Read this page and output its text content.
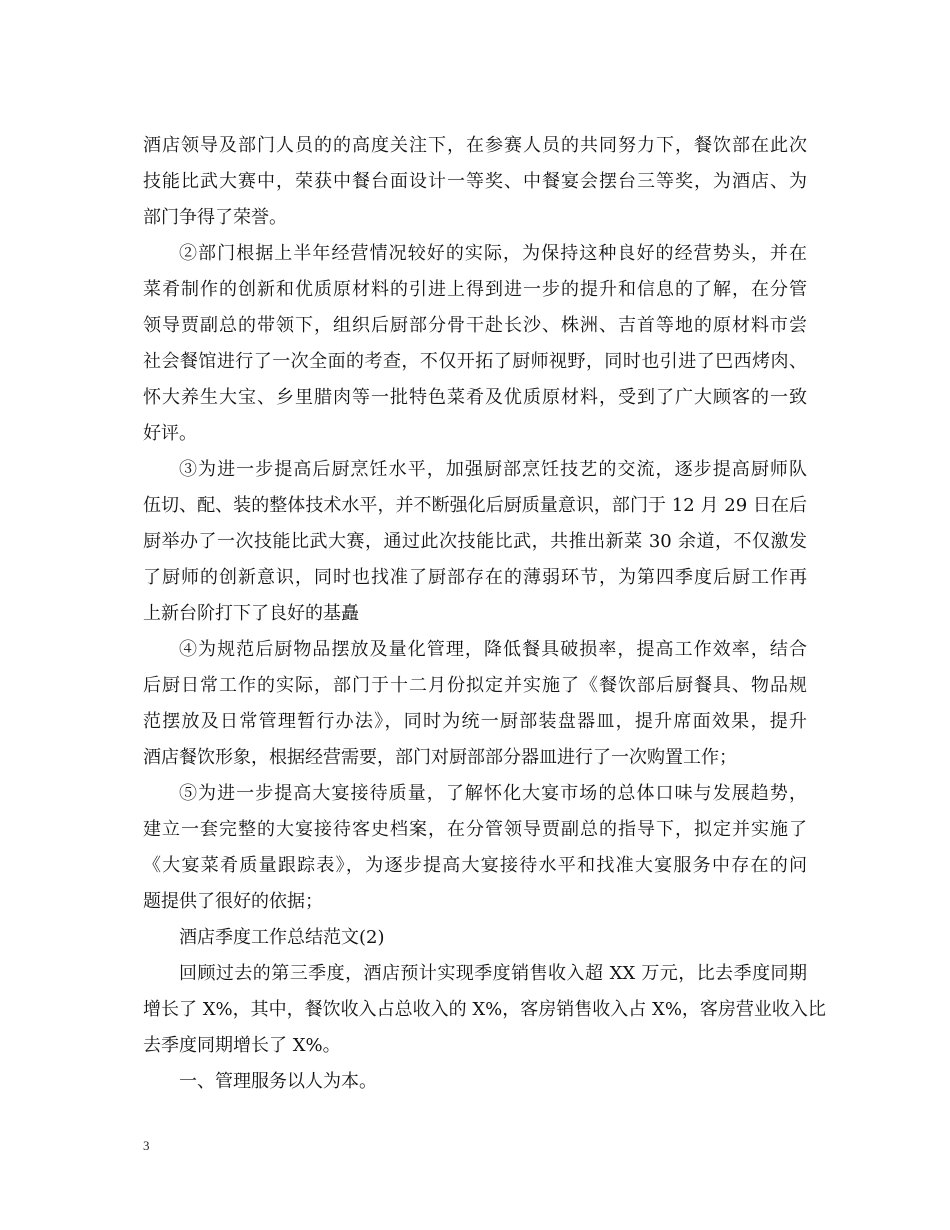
酒店领导及部门人员的的高度关注下，在参赛人员的共同努力下，餐饮部在此次
技能比武大赛中，荣获中餐台面设计一等奖、中餐宴会摆台三等奖，为酒店、为
部门争得了荣誉。
②部门根据上半年经营情况较好的实际，为保持这种良好的经营势头，并在
菜肴制作的创新和优质原材料的引进上得到进一步的提升和信息的了解，在分管
领导贾副总的带领下，组织后厨部分骨干赴长沙、株洲、吉首等地的原材料市尝
社会餐馆进行了一次全面的考查，不仅开拓了厨师视野，同时也引进了巴西烤肉、
怀大养生大宝、乡里腊肉等一批特色菜肴及优质原材料，受到了广大顾客的一致
好评。
③为进一步提高后厨烹饪水平，加强厨部烹饪技艺的交流，逐步提高厨师队
伍切、配、装的整体技术水平，并不断强化后厨质量意识，部门于 12 月 29 日在后
厨举办了一次技能比武大赛，通过此次技能比武，共推出新菜 30 余道，不仅激发
了厨师的创新意识，同时也找准了厨部存在的薄弱环节，为第四季度后厨工作再
上新台阶打下了良好的基矗
④为规范后厨物品摆放及量化管理，降低餐具破损率，提高工作效率，结合
后厨日常工作的实际，部门于十二月份拟定并实施了《餐饮部后厨餐具、物品规
范摆放及日常管理暂行办法》，同时为统一厨部装盘器皿，提升席面效果，提升
酒店餐饮形象，根据经营需要，部门对厨部部分器皿进行了一次购置工作；
⑤为进一步提高大宴接待质量，了解怀化大宴市场的总体口味与发展趋势，
建立一套完整的大宴接待客史档案，在分管领导贾副总的指导下，拟定并实施了
《大宴菜肴质量跟踪表》，为逐步提高大宴接待水平和找准大宴服务中存在的问
题提供了很好的依据；
酒店季度工作总结范文(2)
回顾过去的第三季度，酒店预计实现季度销售收入超 XX 万元，比去季度同期
增长了 X%，其中，餐饮收入占总收入的 X%，客房销售收入占 X%，客房营业收入比
去季度同期增长了 X%。
一、管理服务以人为本。
3
